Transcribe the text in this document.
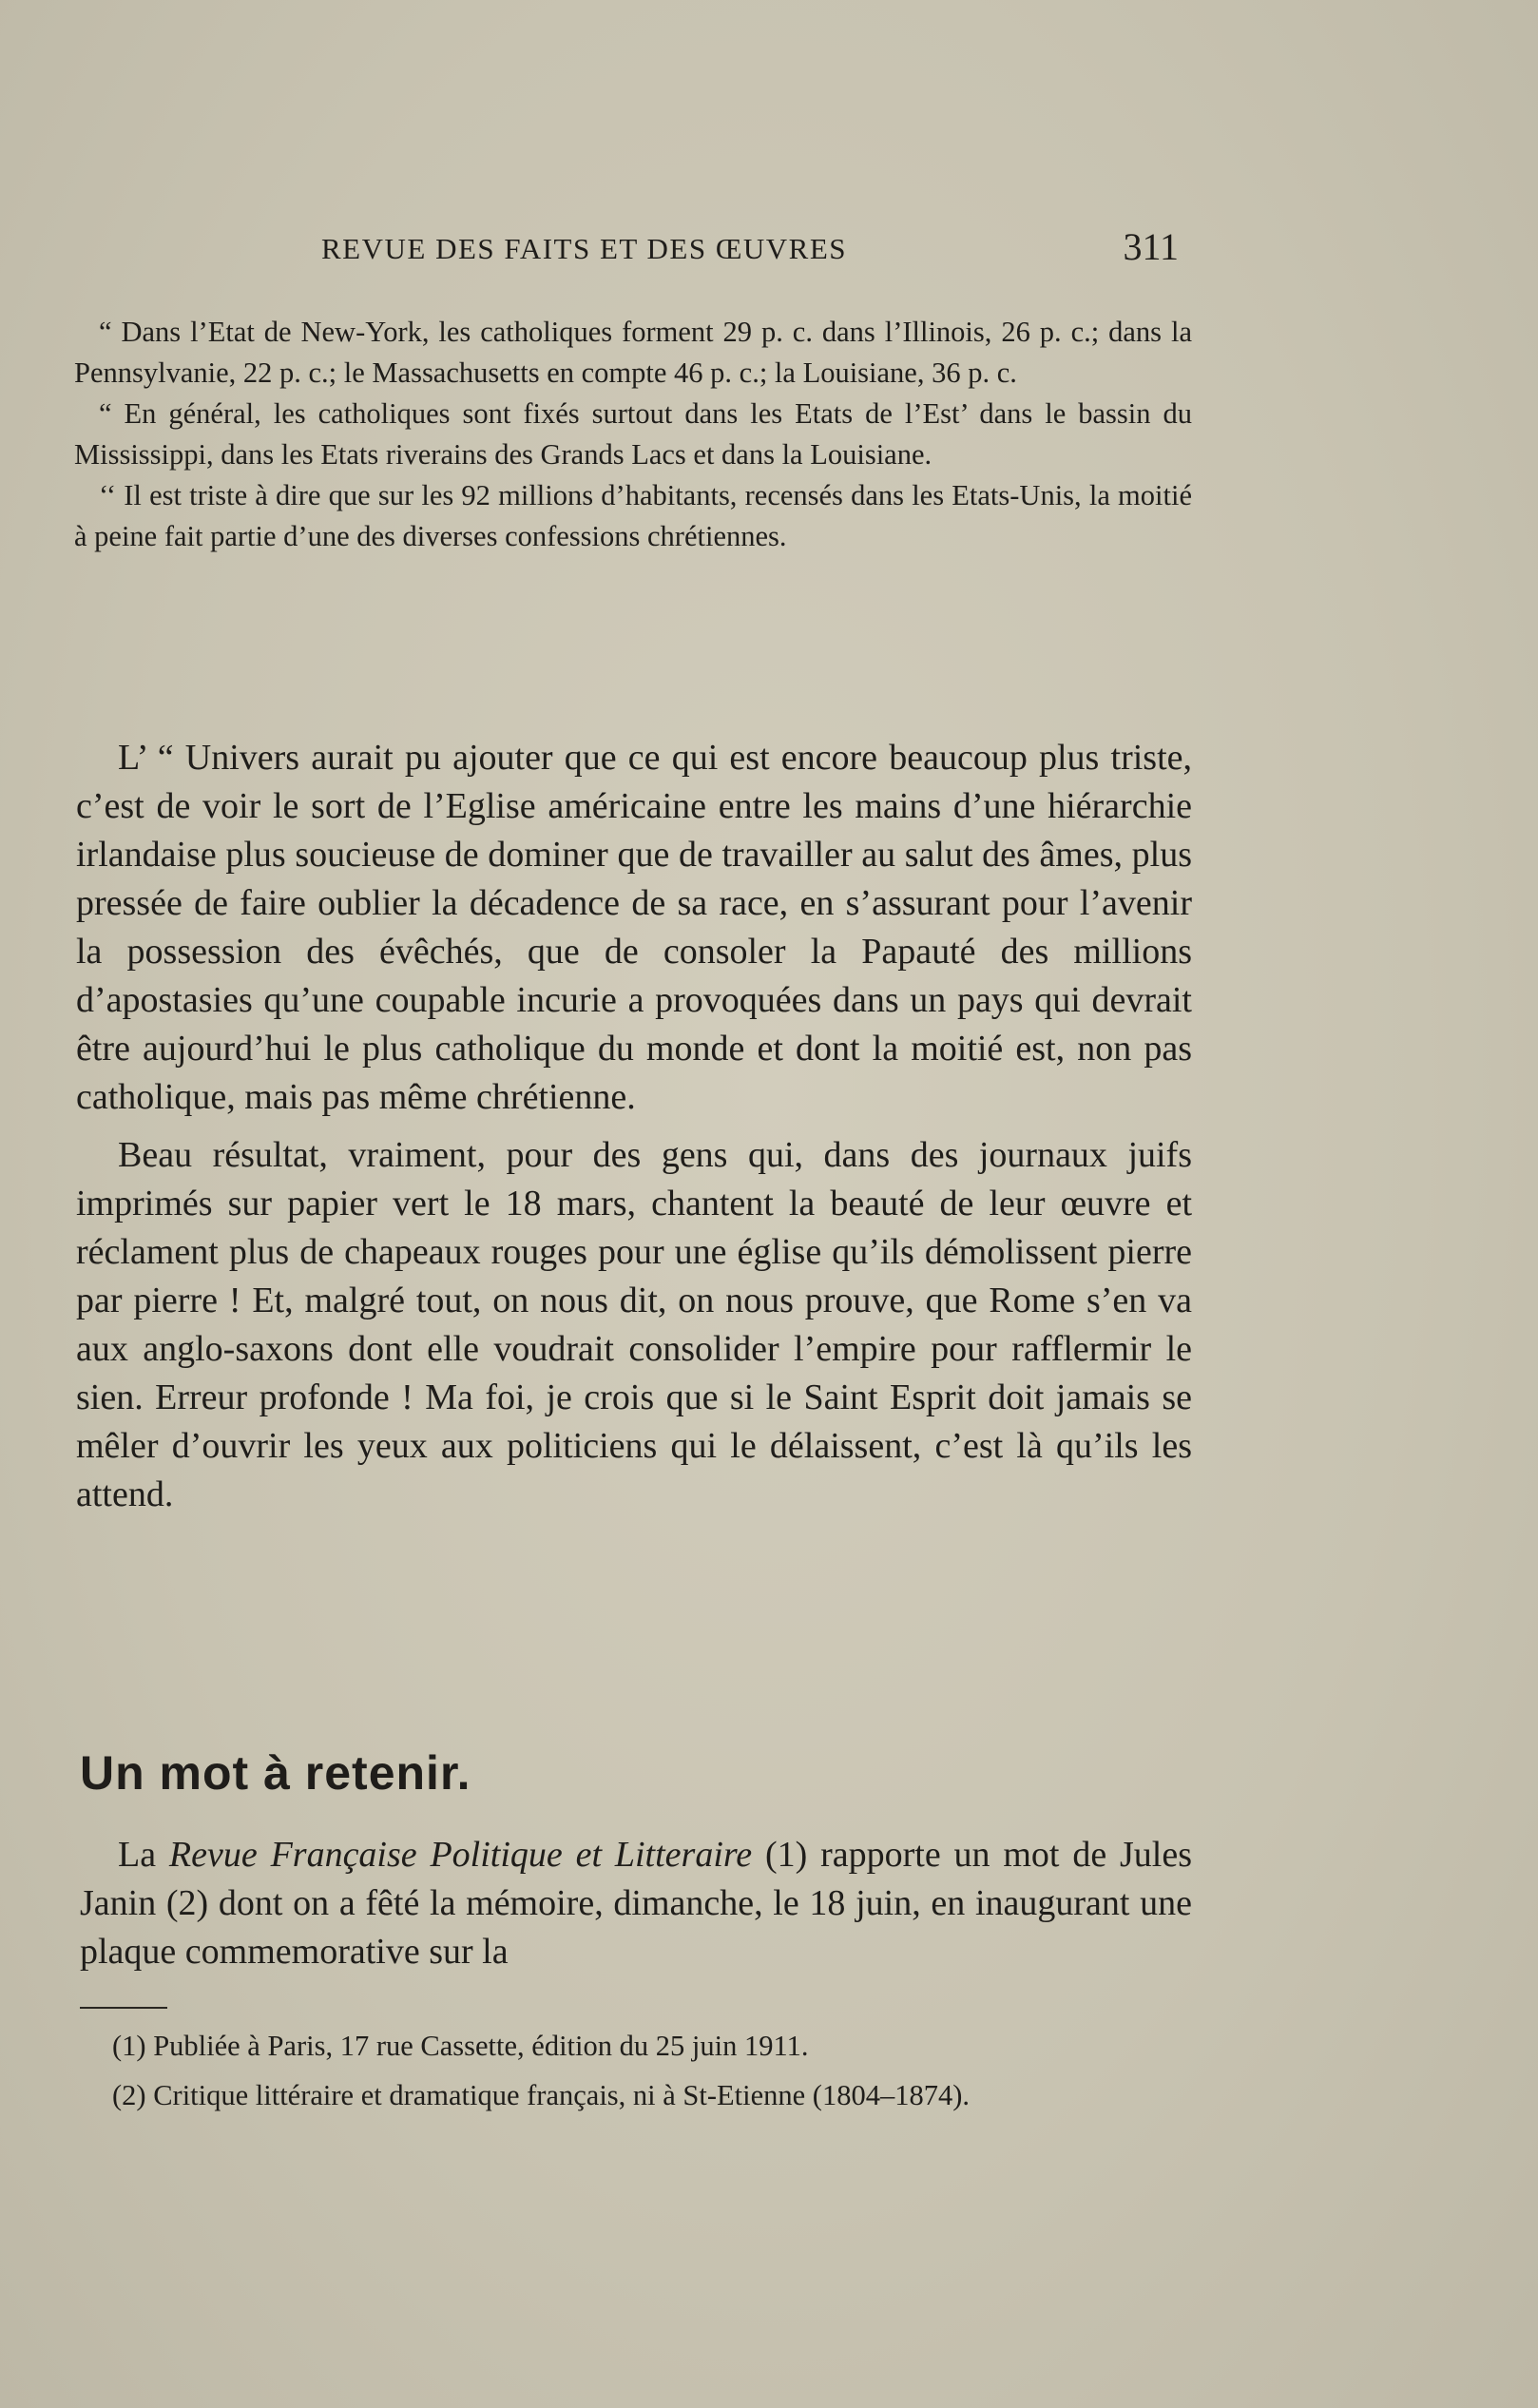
REVUE DES FAITS ET DES ŒUVRES	311

“ Dans l’Etat de New-York, les catholiques forment 29 p. c. dans l’Illinois, 26 p. c.; dans la Pennsylvanie, 22 p. c.; le Massachusetts en compte 46 p. c.; la Louisiane, 36 p. c.

“ En général, les catholiques sont fixés surtout dans les Etats de l’Est’ dans le bassin du Mississippi, dans les Etats riverains des Grands Lacs et dans la Louisiane.

‘‘ Il est triste à dire que sur les 92 millions d’habitants, recensés dans les Etats-Unis, la moitié à peine fait partie d’une des diverses confessions chrétiennes.

L’ “ Univers aurait pu ajouter que ce qui est encore beaucoup plus triste, c’est de voir le sort de l’Eglise américaine entre les mains d’une hiérarchie irlandaise plus soucieuse de dominer que de travailler au salut des âmes, plus pressée de faire oublier la décadence de sa race, en s’assurant pour l’avenir la possession des évêchés, que de consoler la Papauté des millions d’apostasies qu’une coupable incurie a provoquées dans un pays qui devrait être aujourd’hui le plus catholique du monde et dont la moitié est, non pas catholique, mais pas même chrétienne.

Beau résultat, vraiment, pour des gens qui, dans des journaux juifs imprimés sur papier vert le 18 mars, chantent la beauté de leur œuvre et réclament plus de chapeaux rouges pour une église qu’ils démolissent pierre par pierre ! Et, malgré tout, on nous dit, on nous prouve, que Rome s’en va aux anglo-saxons dont elle voudrait consolider l’empire pour rafflermir le sien. Erreur profonde ! Ma foi, je crois que si le Saint Esprit doit jamais se mêler d’ouvrir les yeux aux politiciens qui le délaissent, c’est là qu’ils les attend.

Un mot à retenir.

La Revue Française Politique et Litteraire (1) rapporte un mot de Jules Janin (2) dont on a fêté la mémoire, dimanche, le 18 juin, en inaugurant une plaque commemorative sur la

(1) Publiée à Paris, 17 rue Cassette, édition du 25 juin 1911.

(2) Critique littéraire et dramatique français, ni à St-Etienne (1804–1874).
